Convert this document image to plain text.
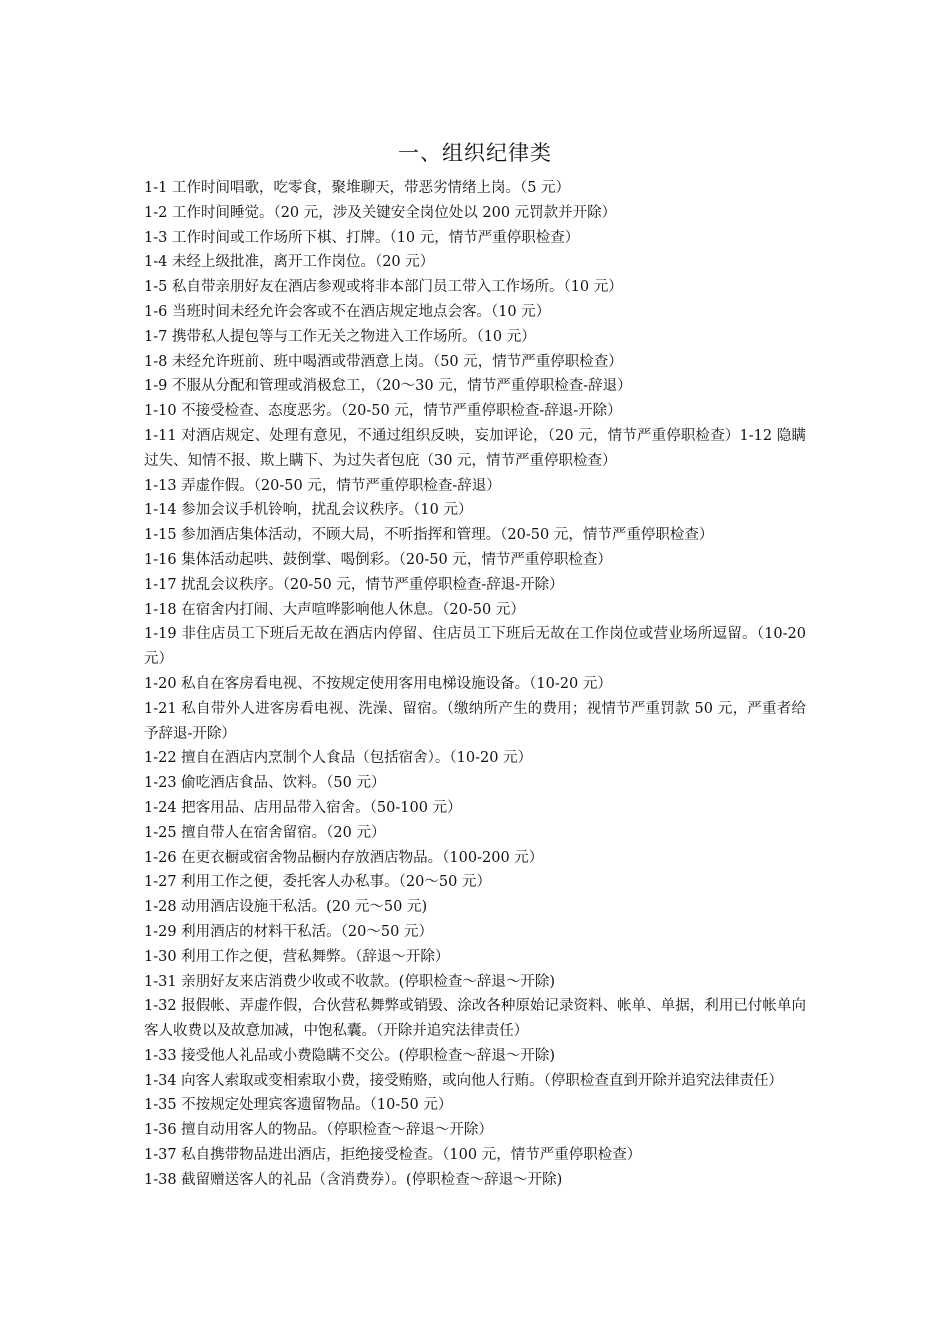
一、组织纪律类
1-1 工作时间唱歌，吃零食，聚堆聊天，带恶劣情绪上岗。（5 元）
1-2 工作时间睡觉。（20 元，涉及关键安全岗位处以 200 元罚款并开除）
1-3 工作时间或工作场所下棋、打牌。（10 元，情节严重停职检查）
1-4 未经上级批准，离开工作岗位。（20 元）
1-5 私自带亲朋好友在酒店参观或将非本部门员工带入工作场所。（10 元）
1-6 当班时间未经允许会客或不在酒店规定地点会客。（10 元）
1-7 携带私人提包等与工作无关之物进入工作场所。（10 元）
1-8 未经允许班前、班中喝酒或带酒意上岗。（50 元，情节严重停职检查）
1-9 不服从分配和管理或消极怠工，（20～30 元，情节严重停职检查-辞退）
1-10 不接受检查、态度恶劣。（20-50 元，情节严重停职检查-辞退-开除）
1-11 对酒店规定、处理有意见，不通过组织反映，妄加评论，（20 元，情节严重停职检查）1-12 隐瞒过失、知情不报、欺上瞒下、为过失者包庇（30 元，情节严重停职检查）
1-13 弄虚作假。（20-50 元，情节严重停职检查-辞退）
1-14 参加会议手机铃响，扰乱会议秩序。（10 元）
1-15 参加酒店集体活动，不顾大局，不听指挥和管理。（20-50 元，情节严重停职检查）
1-16 集体活动起哄、鼓倒掌、喝倒彩。（20-50 元，情节严重停职检查）
1-17 扰乱会议秩序。（20-50 元，情节严重停职检查-辞退-开除）
1-18 在宿舍内打闹、大声喧哗影响他人休息。（20-50 元）
1-19 非住店员工下班后无故在酒店内停留、住店员工下班后无故在工作岗位或营业场所逗留。（10-20 元）
1-20 私自在客房看电视、不按规定使用客用电梯设施设备。（10-20 元）
1-21 私自带外人进客房看电视、洗澡、留宿。（缴纳所产生的费用；视情节严重罚款 50 元，严重者给予辞退-开除）
1-22 擅自在酒店内烹制个人食品（包括宿舍）。（10-20 元）
1-23 偷吃酒店食品、饮料。（50 元）
1-24 把客用品、店用品带入宿舍。（50-100 元）
1-25 擅自带人在宿舍留宿。（20 元）
1-26 在更衣橱或宿舍物品橱内存放酒店物品。（100-200 元）
1-27 利用工作之便，委托客人办私事。（20～50 元）
1-28 动用酒店设施干私活。(20 元～50 元)
1-29 利用酒店的材料干私活。（20～50 元）
1-30 利用工作之便，营私舞弊。（辞退～开除）
1-31 亲朋好友来店消费少收或不收款。(停职检查～辞退～开除)
1-32 报假帐、弄虚作假，合伙营私舞弊或销毁、涂改各种原始记录资料、帐单、单据，利用已付帐单向客人收费以及故意加减，中饱私囊。（开除并追究法律责任）
1-33 接受他人礼品或小费隐瞒不交公。(停职检查～辞退～开除)
1-34 向客人索取或变相索取小费，接受贿赂，或向他人行贿。（停职检查直到开除并追究法律责任）
1-35 不按规定处理宾客遗留物品。（10-50 元）
1-36 擅自动用客人的物品。（停职检查～辞退～开除）
1-37 私自携带物品进出酒店，拒绝接受检查。（100 元，情节严重停职检查）
1-38 截留赠送客人的礼品（含消费券）。(停职检查～辞退～开除)
